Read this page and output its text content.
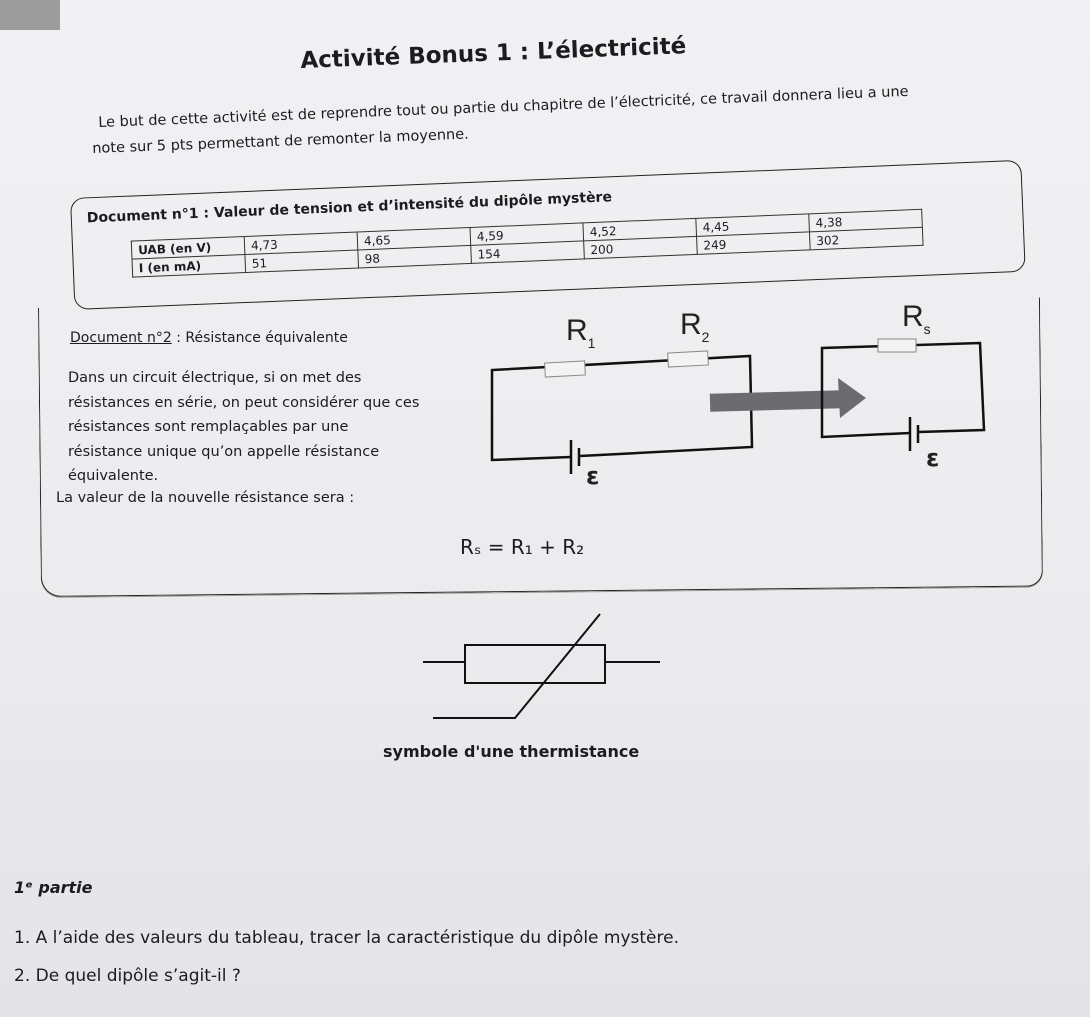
Activité Bonus 1 : L’électricité
Le but de cette activité est de reprendre tout ou partie du chapitre de l’électricité, ce travail donnera lieu a une
note sur 5 pts permettant de remonter la moyenne.
Document n°1 : Valeur de tension et d’intensité du dipôle mystère
UAB (en V)	4,73	4,65	4,59	4,52	4,45	4,38
I (en mA)	51	98	154	200	249	302
Document n°2 : Résistance équivalente
Dans un circuit électrique, si on met des
résistances en série, on peut considérer que ces
résistances sont remplaçables par une
résistance unique qu’on appelle résistance
équivalente.
La valeur de la nouvelle résistance sera :
Rₛ = R₁ + R₂
$R_1$
$R_2$
ε
$R_s$
ε
symbole d'une thermistance
1ᵉ partie
1. A l’aide des valeurs du tableau, tracer la caractéristique du dipôle mystère.
2. De quel dipôle s’agit-il ?
